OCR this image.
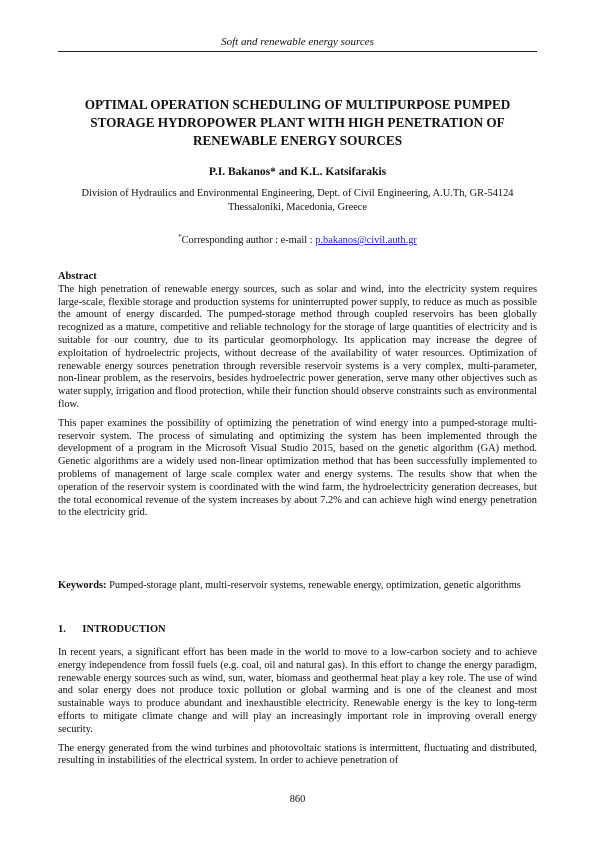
Soft and renewable energy sources
OPTIMAL OPERATION SCHEDULING OF MULTIPURPOSE PUMPED STORAGE HYDROPOWER PLANT WITH HIGH PENETRATION OF RENEWABLE ENERGY SOURCES
P.I. Bakanos* and K.L. Katsifarakis
Division of Hydraulics and Environmental Engineering, Dept. of Civil Engineering, A.U.Th, GR-54124 Thessaloniki, Macedonia, Greece
*Corresponding author : e-mail : p.bakanos@civil.auth.gr
Abstract

The high penetration of renewable energy sources, such as solar and wind, into the electricity system requires large-scale, flexible storage and production systems for uninterrupted power supply, to reduce as much as possible the amount of energy discarded. The pumped-storage method through coupled reservoirs has been globally recognized as a mature, competitive and reliable technology for the storage of large quantities of electricity and is suitable for our country, due to its particular geomorphology. Its application may increase the degree of exploitation of hydroelectric projects, without decrease of the availability of water resources. Optimization of renewable energy sources penetration through reversible reservoir systems is a very complex, multi-parameter, non-linear problem, as the reservoirs, besides hydroelectric power generation, serve many other objectives such as water supply, irrigation and flood protection, while their function should observe constraints such as environmental flow.

This paper examines the possibility of optimizing the penetration of wind energy into a pumped-storage multi-reservoir system. The process of simulating and optimizing the system has been implemented through the development of a program in the Microsoft Visual Studio 2015, based on the genetic algorithm (GA) method. Genetic algorithms are a widely used non-linear optimization method that has been successfully implemented to problems of management of large scale complex water and energy systems. The results show that when the operation of the reservoir system is coordinated with the wind farm, the hydroelectricity generation decreases, but the total economical revenue of the system increases by about 7.2% and can achieve high wind energy penetration to the electricity grid.

Keywords: Pumped-storage plant, multi-reservoir systems, renewable energy, optimization, genetic algorithms
1. INTRODUCTION

In recent years, a significant effort has been made in the world to move to a low-carbon society and to achieve energy independence from fossil fuels (e.g. coal, oil and natural gas). In this effort to change the energy paradigm, renewable energy sources such as wind, sun, water, biomass and geothermal heat play a key role. The use of wind and solar energy does not produce toxic pollution or global warming and is one of the cleanest and most sustainable ways to produce abundant and inexhaustible electricity. Renewable energy is the key to long-term efforts to mitigate climate change and will play an increasingly important role in improving overall energy security.

The energy generated from the wind turbines and photovoltaic stations is intermittent, fluctuating and distributed, resulting in instabilities of the electrical system. In order to achieve penetration of

860
